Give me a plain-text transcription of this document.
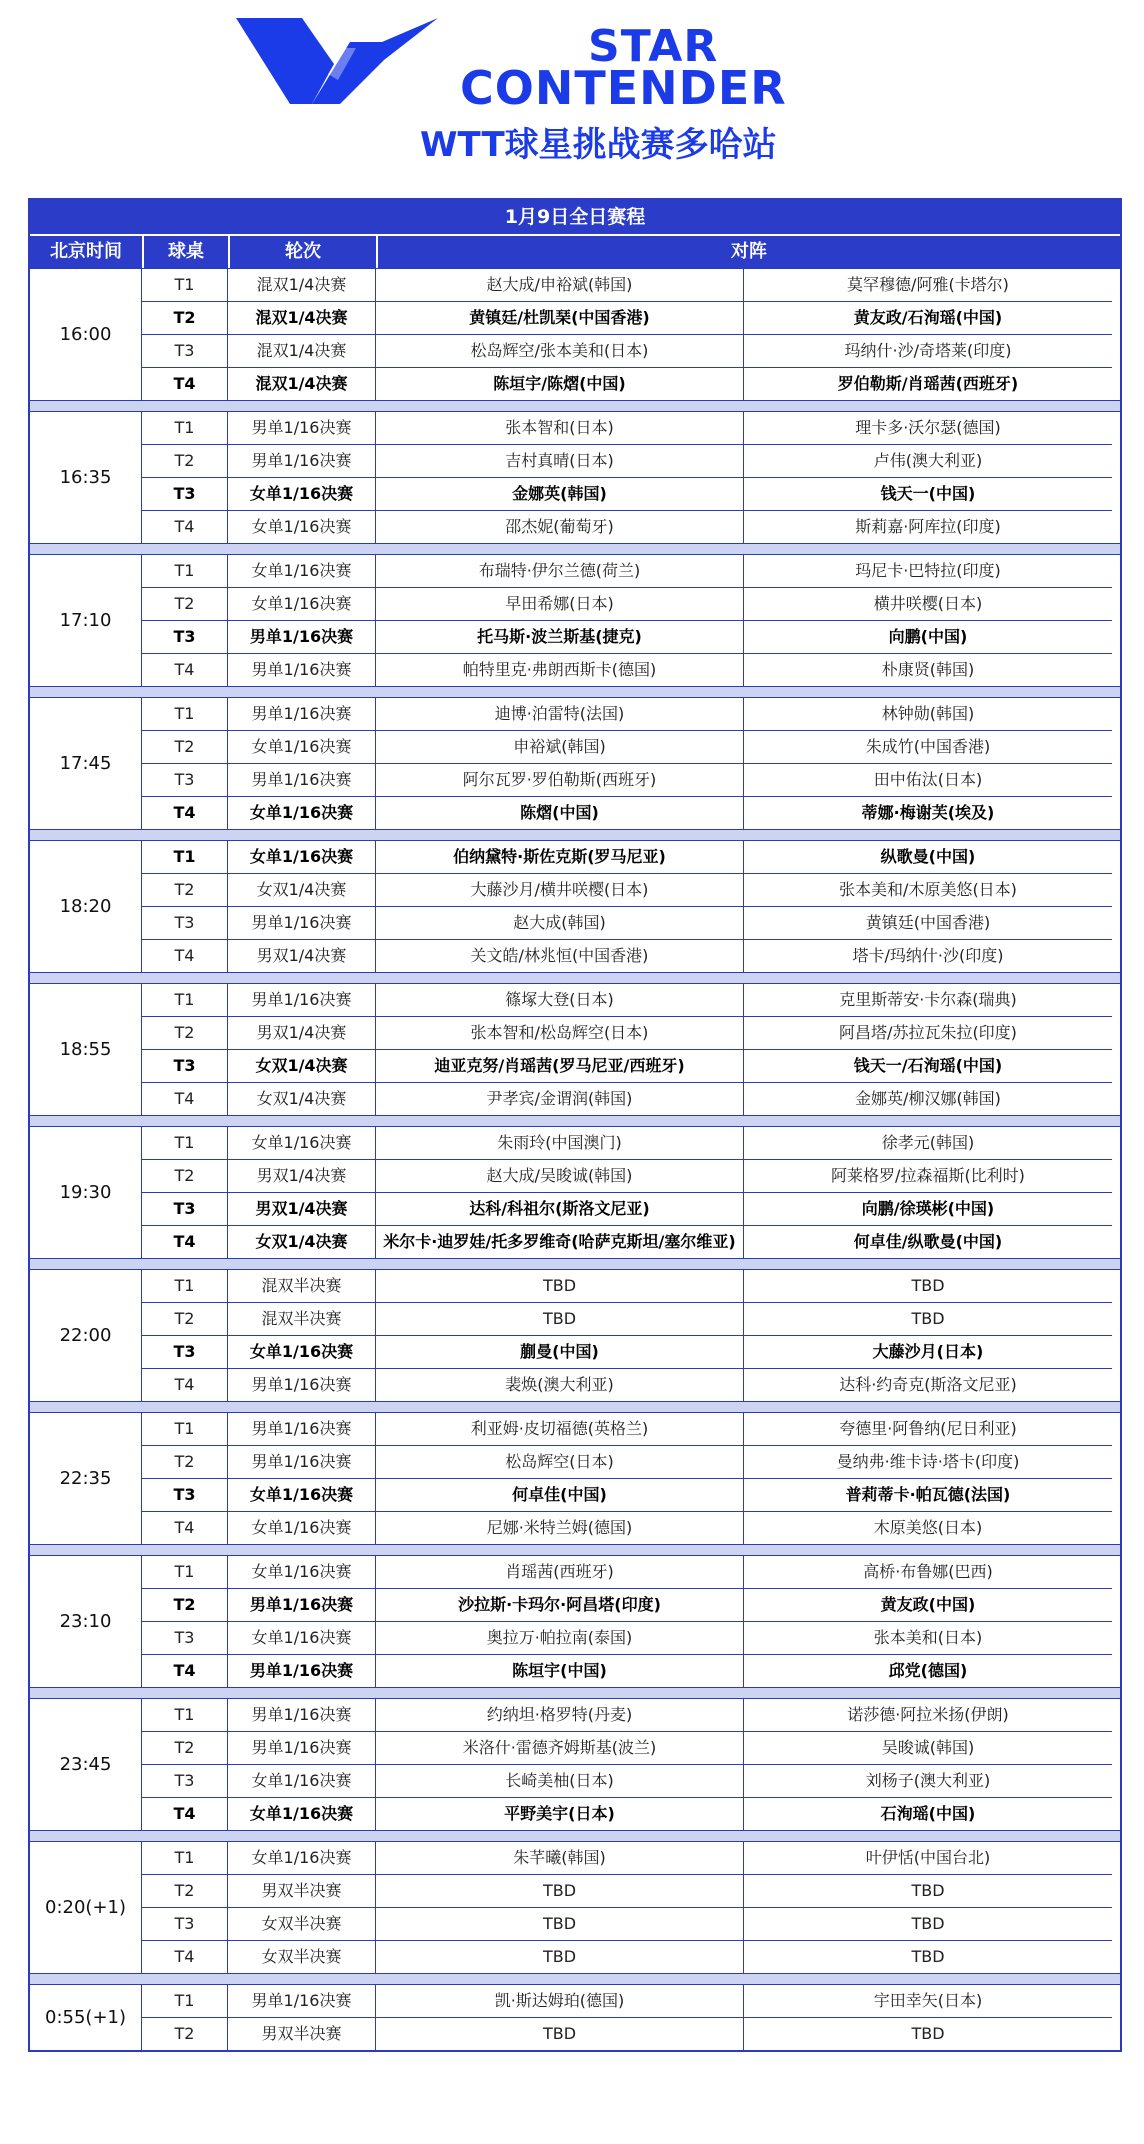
STAR
CONTENDER
WTT球星挑战赛多哈站
1月9日全日赛程
北京时间	球桌	轮次	对阵
16:00
T1	混双1/4决赛	赵大成/申裕斌(韩国)	莫罕穆德/阿雅(卡塔尔)
T2	混双1/4决赛	黄镇廷/杜凯琹(中国香港)	黄友政/石洵瑶(中国)
T3	混双1/4决赛	松岛辉空/张本美和(日本)	玛纳什·沙/奇塔莱(印度)
T4	混双1/4决赛	陈垣宇/陈熠(中国)	罗伯勒斯/肖瑶茜(西班牙)
16:35
T1	男单1/16决赛	张本智和(日本)	理卡多·沃尔瑟(德国)
T2	男单1/16决赛	吉村真晴(日本)	卢伟(澳大利亚)
T3	女单1/16决赛	金娜英(韩国)	钱天一(中国)
T4	女单1/16决赛	邵杰妮(葡萄牙)	斯莉嘉·阿库拉(印度)
17:10
T1	女单1/16决赛	布瑞特·伊尔兰德(荷兰)	玛尼卡·巴特拉(印度)
T2	女单1/16决赛	早田希娜(日本)	横井咲樱(日本)
T3	男单1/16决赛	托马斯·波兰斯基(捷克)	向鹏(中国)
T4	男单1/16决赛	帕特里克·弗朗西斯卡(德国)	朴康贤(韩国)
17:45
T1	男单1/16决赛	迪博·泊雷特(法国)	林钟勋(韩国)
T2	女单1/16决赛	申裕斌(韩国)	朱成竹(中国香港)
T3	男单1/16决赛	阿尔瓦罗·罗伯勒斯(西班牙)	田中佑汰(日本)
T4	女单1/16决赛	陈熠(中国)	蒂娜·梅谢芙(埃及)
18:20
T1	女单1/16决赛	伯纳黛特·斯佐克斯(罗马尼亚)	纵歌曼(中国)
T2	女双1/4决赛	大藤沙月/横井咲樱(日本)	张本美和/木原美悠(日本)
T3	男单1/16决赛	赵大成(韩国)	黄镇廷(中国香港)
T4	男双1/4决赛	关文皓/林兆恒(中国香港)	塔卡/玛纳什·沙(印度)
18:55
T1	男单1/16决赛	篠塚大登(日本)	克里斯蒂安·卡尔森(瑞典)
T2	男双1/4决赛	张本智和/松岛辉空(日本)	阿昌塔/苏拉瓦朱拉(印度)
T3	女双1/4决赛	迪亚克努/肖瑶茜(罗马尼亚/西班牙)	钱天一/石洵瑶(中国)
T4	女双1/4决赛	尹孝宾/金谓润(韩国)	金娜英/柳汉娜(韩国)
19:30
T1	女单1/16决赛	朱雨玲(中国澳门)	徐孝元(韩国)
T2	男双1/4决赛	赵大成/吴晙诚(韩国)	阿莱格罗/拉森福斯(比利时)
T3	男双1/4决赛	达科/科祖尔(斯洛文尼亚)	向鹏/徐瑛彬(中国)
T4	女双1/4决赛	米尔卡·迪罗娃/托多罗维奇(哈萨克斯坦/塞尔维亚)	何卓佳/纵歌曼(中国)
22:00
T1	混双半决赛	TBD	TBD
T2	混双半决赛	TBD	TBD
T3	女单1/16决赛	蒯曼(中国)	大藤沙月(日本)
T4	男单1/16决赛	裴焕(澳大利亚)	达科·约奇克(斯洛文尼亚)
22:35
T1	男单1/16决赛	利亚姆·皮切福德(英格兰)	夸德里·阿鲁纳(尼日利亚)
T2	男单1/16决赛	松岛辉空(日本)	曼纳弗·维卡诗·塔卡(印度)
T3	女单1/16决赛	何卓佳(中国)	普莉蒂卡·帕瓦德(法国)
T4	女单1/16决赛	尼娜·米特兰姆(德国)	木原美悠(日本)
23:10
T1	女单1/16决赛	肖瑶茜(西班牙)	高桥·布鲁娜(巴西)
T2	男单1/16决赛	沙拉斯·卡玛尔·阿昌塔(印度)	黄友政(中国)
T3	女单1/16决赛	奥拉万·帕拉南(泰国)	张本美和(日本)
T4	男单1/16决赛	陈垣宇(中国)	邱党(德国)
23:45
T1	男单1/16决赛	约纳坦·格罗特(丹麦)	诺莎德·阿拉米扬(伊朗)
T2	男单1/16决赛	米洛什·雷德齐姆斯基(波兰)	吴晙诚(韩国)
T3	女单1/16决赛	长崎美柚(日本)	刘杨子(澳大利亚)
T4	女单1/16决赛	平野美宇(日本)	石洵瑶(中国)
0:20(+1)
T1	女单1/16决赛	朱芊曦(韩国)	叶伊恬(中国台北)
T2	男双半决赛	TBD	TBD
T3	女双半决赛	TBD	TBD
T4	女双半决赛	TBD	TBD
0:55(+1)
T1	男单1/16决赛	凯·斯达姆珀(德国)	宇田幸矢(日本)
T2	男双半决赛	TBD	TBD
